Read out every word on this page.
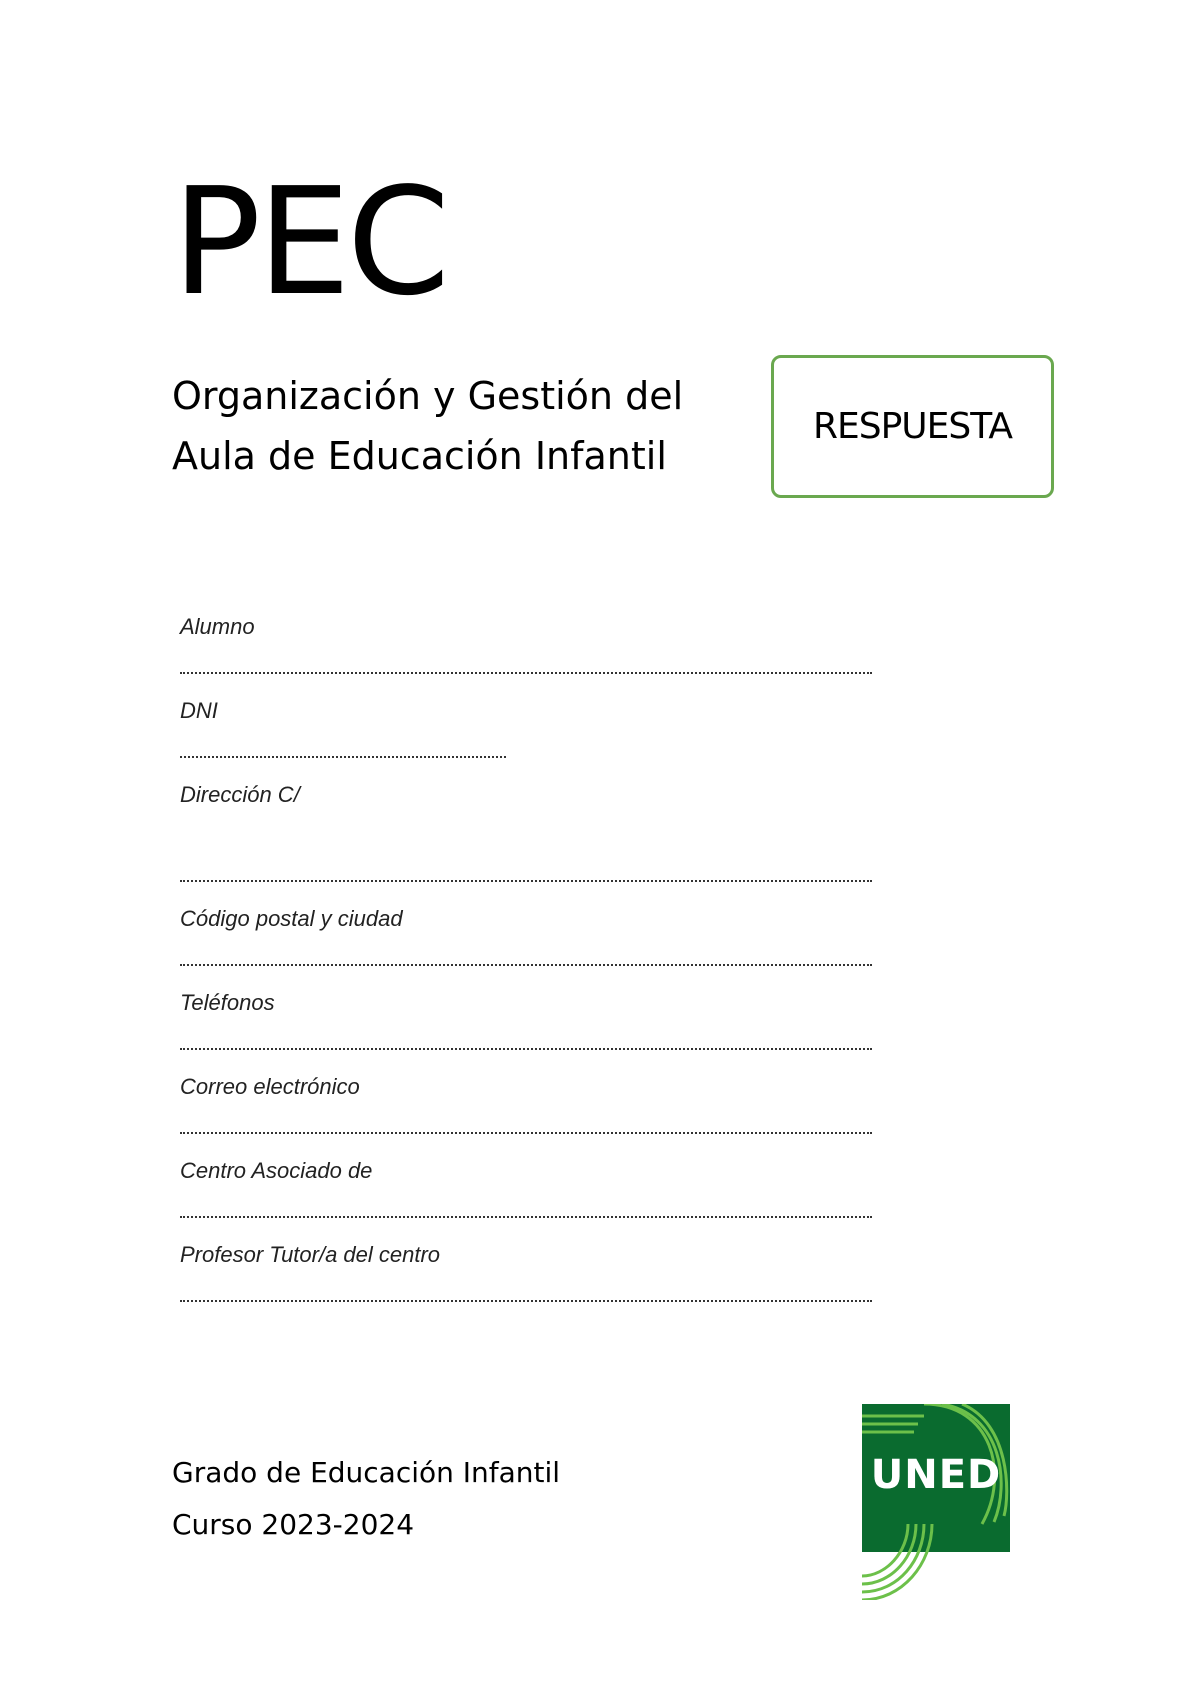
PEC
Organización y Gestión del
Aula de Educación Infantil
RESPUESTA
Alumno
DNI
Dirección C/
Código postal y ciudad
Teléfonos
Correo electrónico
Centro Asociado de
Profesor Tutor/a del centro
Grado de Educación Infantil
Curso 2023-2024
UNED
